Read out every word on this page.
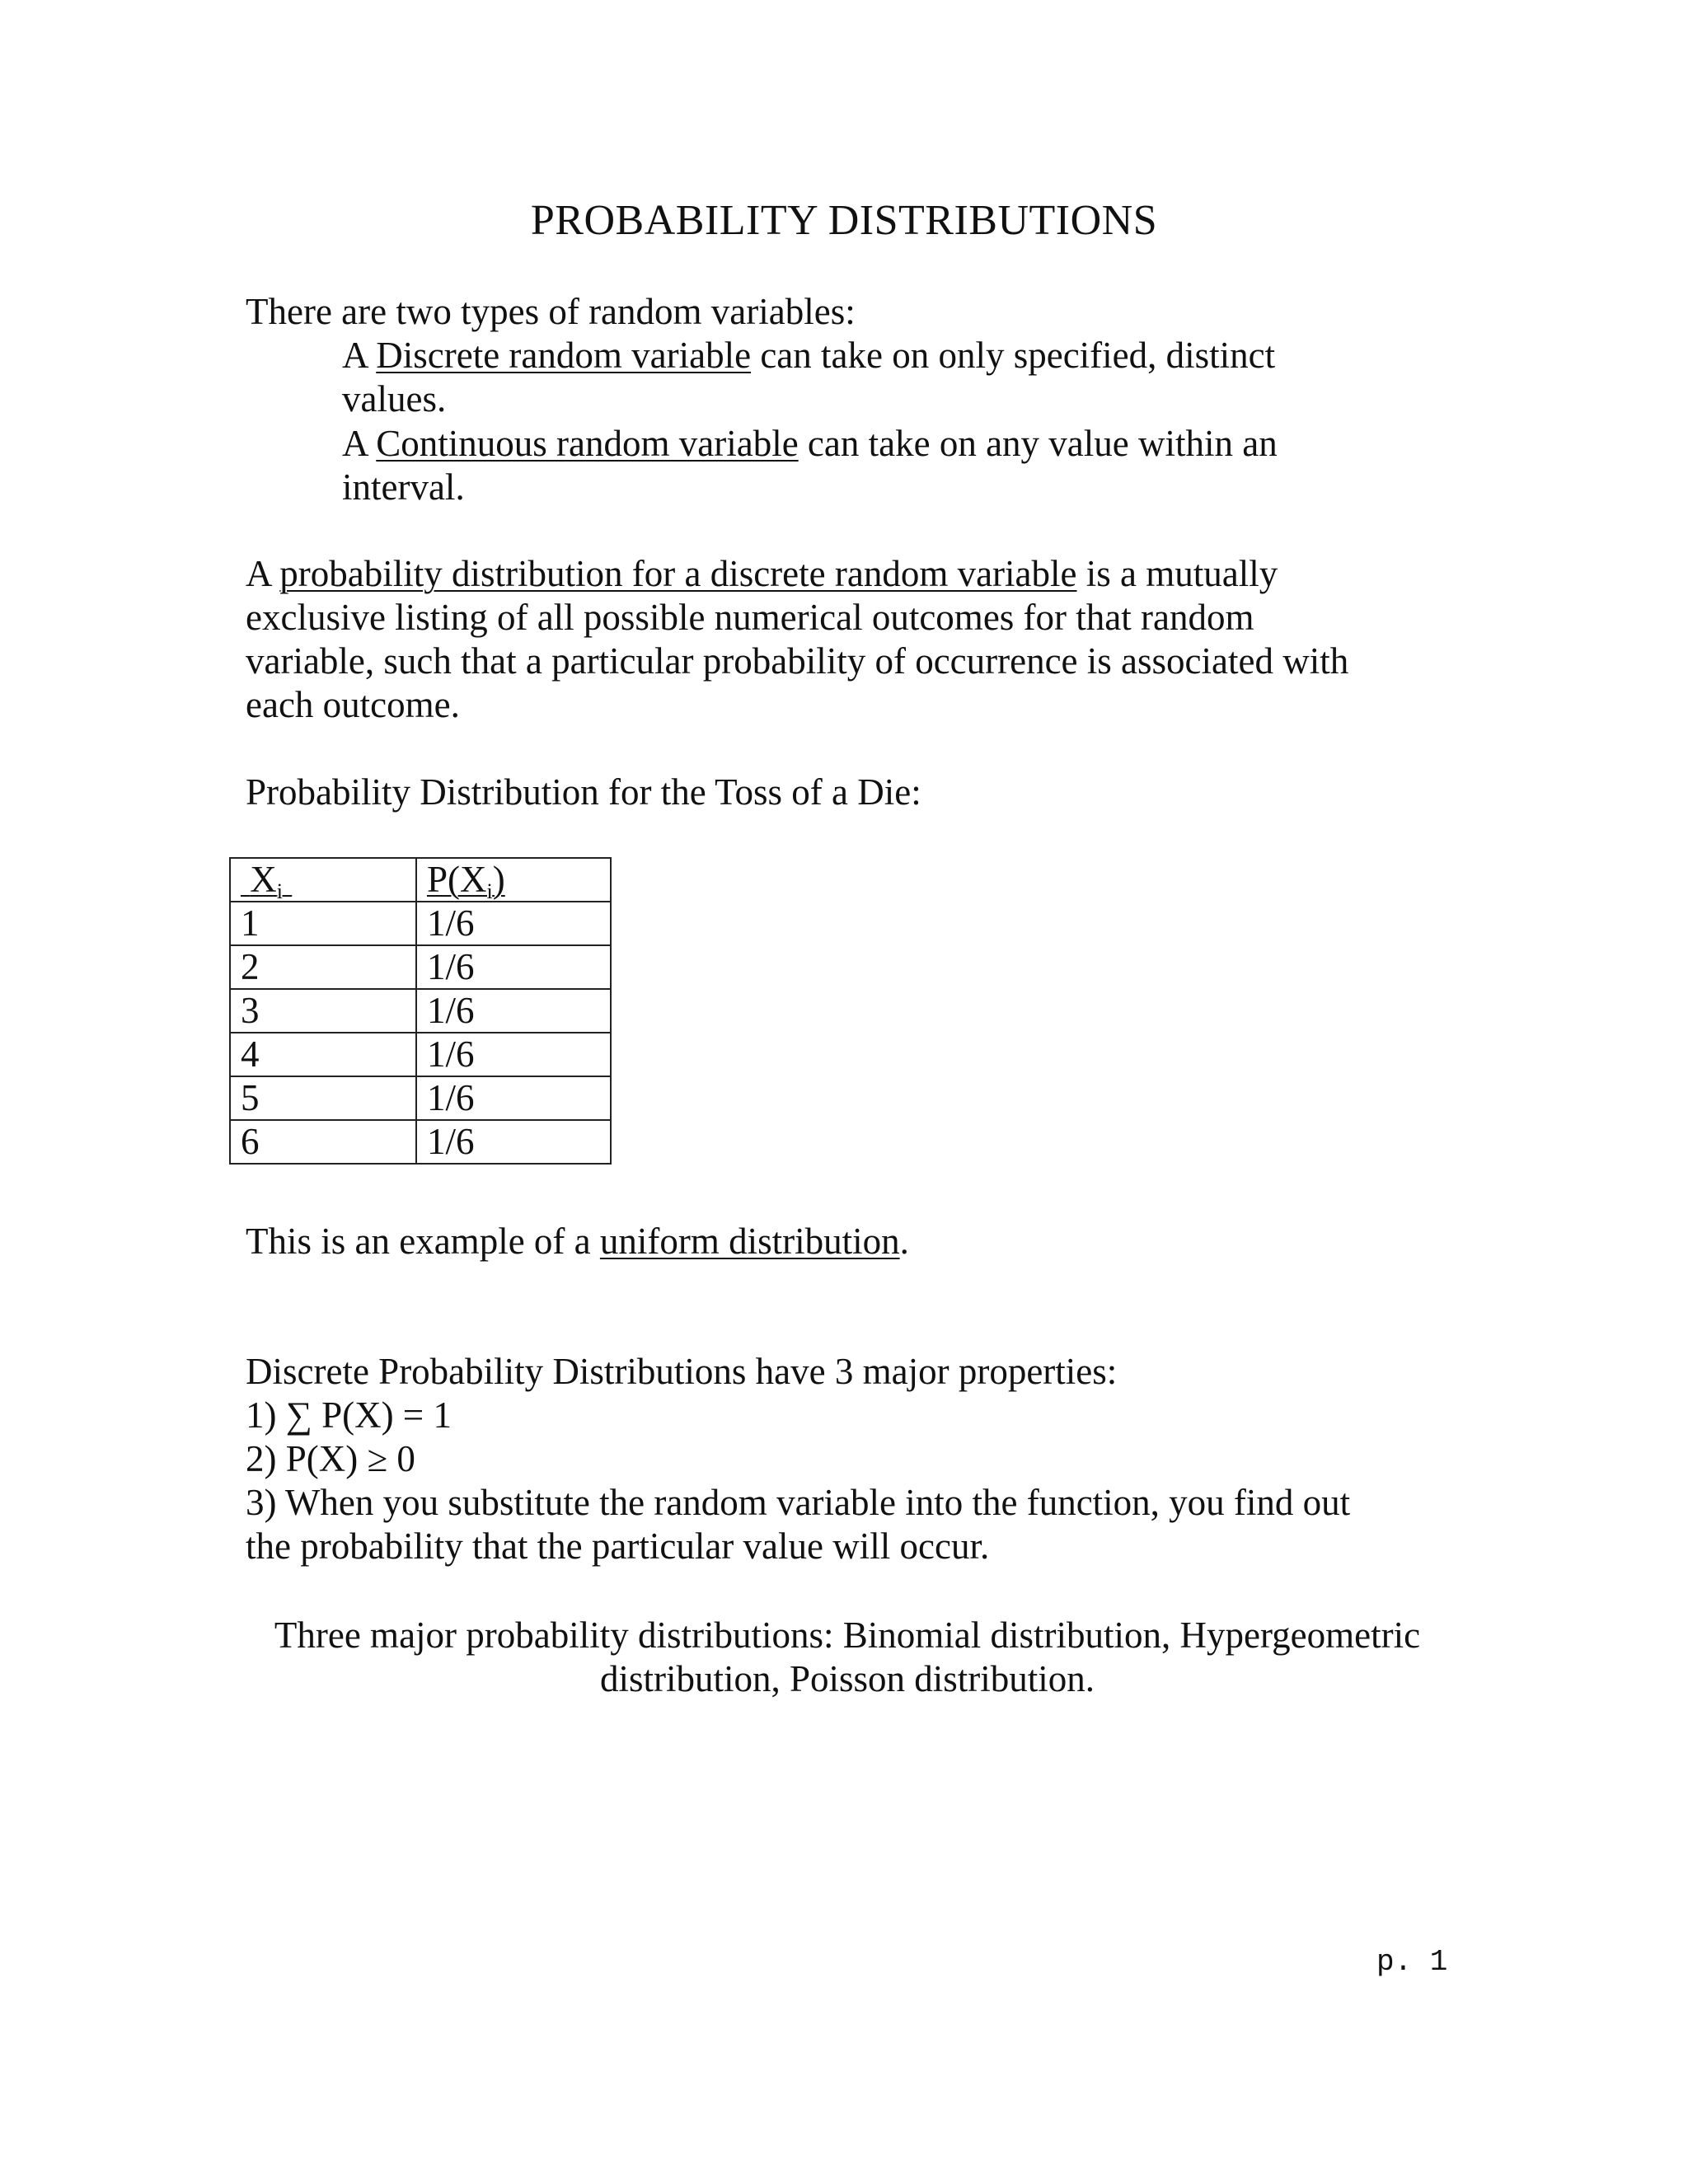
PROBABILITY DISTRIBUTIONS
There are two types of random variables:
A Discrete random variable can take on only specified, distinct
values.
A Continuous random variable can take on any value within an
interval.
A probability distribution for a discrete random variable is a mutually
exclusive listing of all possible numerical outcomes for that random
variable, such that a particular probability of occurrence is associated with
each outcome.
Probability Distribution for the Toss of a Die:
$X_i$	$P(X_i)$
1	1/6
2	1/6
3	1/6
4	1/6
5	1/6
6	1/6
This is an example of a uniform distribution.
Discrete Probability Distributions have 3 major properties:
1) ∑ P(X) = 1
2) P(X) ≥ 0
3) When you substitute the random variable into the function, you find out
the probability that the particular value will occur.
Three major probability distributions: Binomial distribution, Hypergeometric
distribution, Poisson distribution.
p. 1
